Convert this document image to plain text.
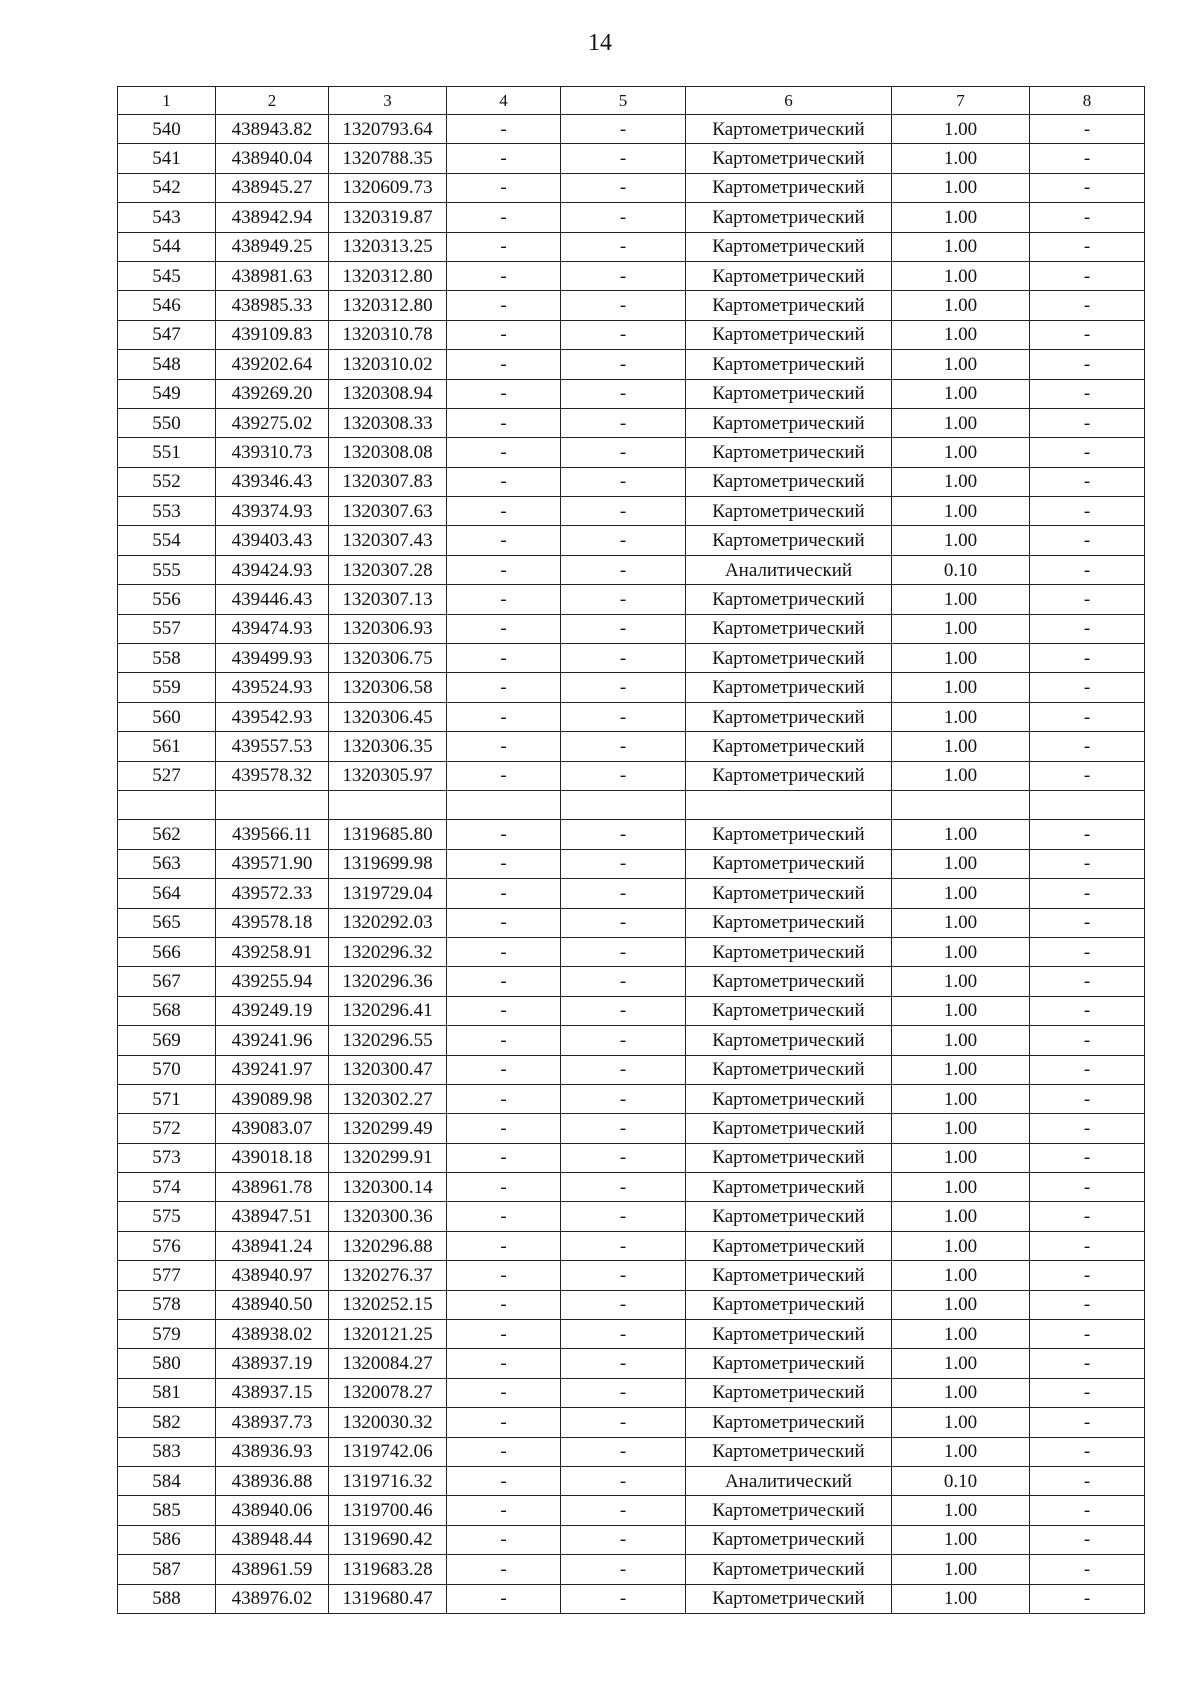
14
1	2	3	4	5	6	7	8
540	438943.82	1320793.64	-	-	Картометрический	1.00	-
541	438940.04	1320788.35	-	-	Картометрический	1.00	-
542	438945.27	1320609.73	-	-	Картометрический	1.00	-
543	438942.94	1320319.87	-	-	Картометрический	1.00	-
544	438949.25	1320313.25	-	-	Картометрический	1.00	-
545	438981.63	1320312.80	-	-	Картометрический	1.00	-
546	438985.33	1320312.80	-	-	Картометрический	1.00	-
547	439109.83	1320310.78	-	-	Картометрический	1.00	-
548	439202.64	1320310.02	-	-	Картометрический	1.00	-
549	439269.20	1320308.94	-	-	Картометрический	1.00	-
550	439275.02	1320308.33	-	-	Картометрический	1.00	-
551	439310.73	1320308.08	-	-	Картометрический	1.00	-
552	439346.43	1320307.83	-	-	Картометрический	1.00	-
553	439374.93	1320307.63	-	-	Картометрический	1.00	-
554	439403.43	1320307.43	-	-	Картометрический	1.00	-
555	439424.93	1320307.28	-	-	Аналитический	0.10	-
556	439446.43	1320307.13	-	-	Картометрический	1.00	-
557	439474.93	1320306.93	-	-	Картометрический	1.00	-
558	439499.93	1320306.75	-	-	Картометрический	1.00	-
559	439524.93	1320306.58	-	-	Картометрический	1.00	-
560	439542.93	1320306.45	-	-	Картометрический	1.00	-
561	439557.53	1320306.35	-	-	Картометрический	1.00	-
527	439578.32	1320305.97	-	-	Картометрический	1.00	-

562	439566.11	1319685.80	-	-	Картометрический	1.00	-
563	439571.90	1319699.98	-	-	Картометрический	1.00	-
564	439572.33	1319729.04	-	-	Картометрический	1.00	-
565	439578.18	1320292.03	-	-	Картометрический	1.00	-
566	439258.91	1320296.32	-	-	Картометрический	1.00	-
567	439255.94	1320296.36	-	-	Картометрический	1.00	-
568	439249.19	1320296.41	-	-	Картометрический	1.00	-
569	439241.96	1320296.55	-	-	Картометрический	1.00	-
570	439241.97	1320300.47	-	-	Картометрический	1.00	-
571	439089.98	1320302.27	-	-	Картометрический	1.00	-
572	439083.07	1320299.49	-	-	Картометрический	1.00	-
573	439018.18	1320299.91	-	-	Картометрический	1.00	-
574	438961.78	1320300.14	-	-	Картометрический	1.00	-
575	438947.51	1320300.36	-	-	Картометрический	1.00	-
576	438941.24	1320296.88	-	-	Картометрический	1.00	-
577	438940.97	1320276.37	-	-	Картометрический	1.00	-
578	438940.50	1320252.15	-	-	Картометрический	1.00	-
579	438938.02	1320121.25	-	-	Картометрический	1.00	-
580	438937.19	1320084.27	-	-	Картометрический	1.00	-
581	438937.15	1320078.27	-	-	Картометрический	1.00	-
582	438937.73	1320030.32	-	-	Картометрический	1.00	-
583	438936.93	1319742.06	-	-	Картометрический	1.00	-
584	438936.88	1319716.32	-	-	Аналитический	0.10	-
585	438940.06	1319700.46	-	-	Картометрический	1.00	-
586	438948.44	1319690.42	-	-	Картометрический	1.00	-
587	438961.59	1319683.28	-	-	Картометрический	1.00	-
588	438976.02	1319680.47	-	-	Картометрический	1.00	-
